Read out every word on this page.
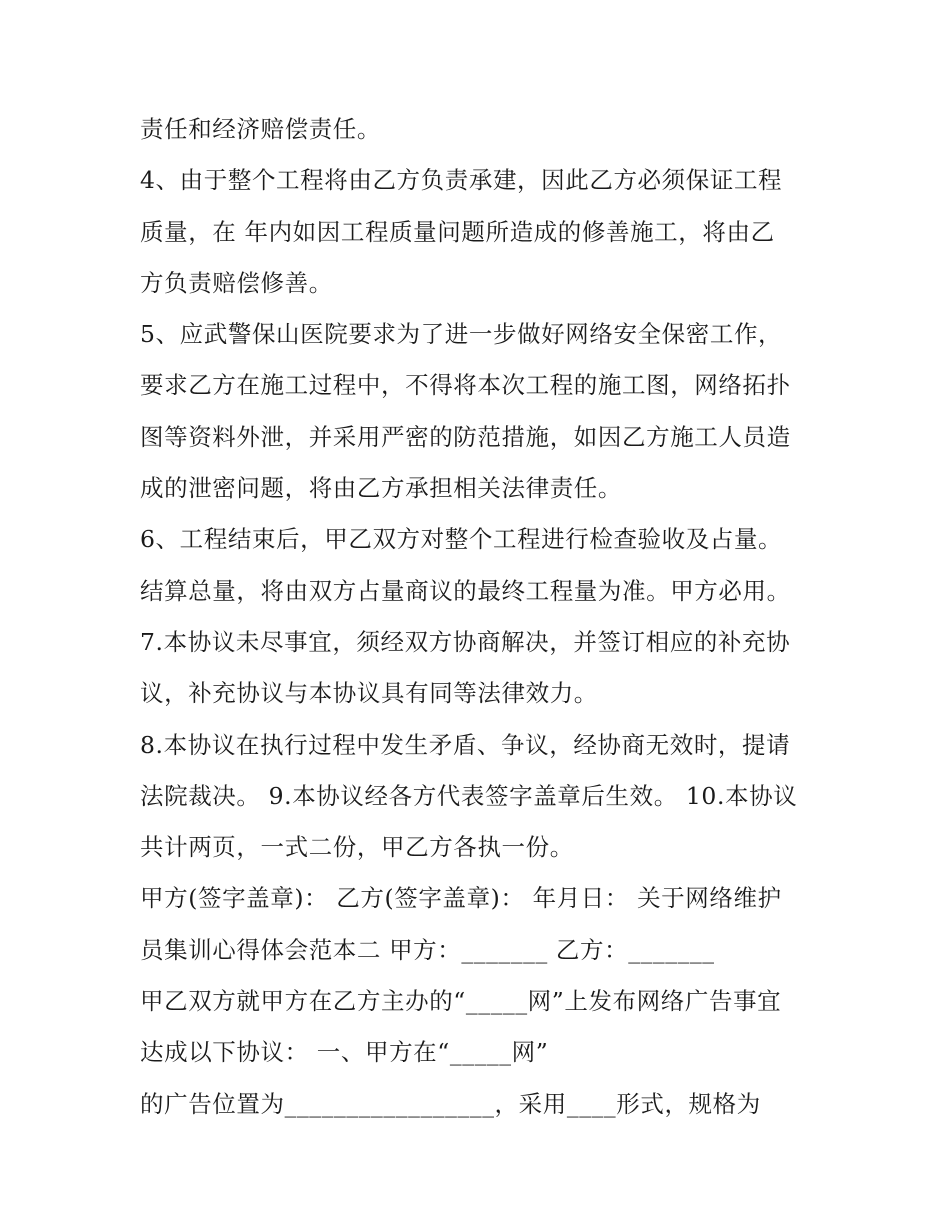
责任和经济赔偿责任。
4、由于整个工程将由乙方负责承建，因此乙方必须保证工程
质量，在 年内如因工程质量问题所造成的修善施工，将由乙
方负责赔偿修善。
5、应武警保山医院要求为了进一步做好网络安全保密工作，
要求乙方在施工过程中，不得将本次工程的施工图，网络拓扑
图等资料外泄，并采用严密的防范措施，如因乙方施工人员造
成的泄密问题，将由乙方承担相关法律责任。
6、工程结束后，甲乙双方对整个工程进行检查验收及占量。
结算总量，将由双方占量商议的最终工程量为准。甲方必用。
7.本协议未尽事宜，须经双方协商解决，并签订相应的补充协
议，补充协议与本协议具有同等法律效力。
8.本协议在执行过程中发生矛盾、争议，经协商无效时，提请
法院裁决。 9.本协议经各方代表签字盖章后生效。 10.本协议
共计两页，一式二份，甲乙方各执一份。
甲方(签字盖章)： 乙方(签字盖章)： 年月日： 关于网络维护
员集训心得体会范本二 甲方：_______ 乙方：_______
甲乙双方就甲方在乙方主办的“_____网”上发布网络广告事宜
达成以下协议： 一、甲方在“_____网”
的广告位置为_________________，采用____形式，规格为
